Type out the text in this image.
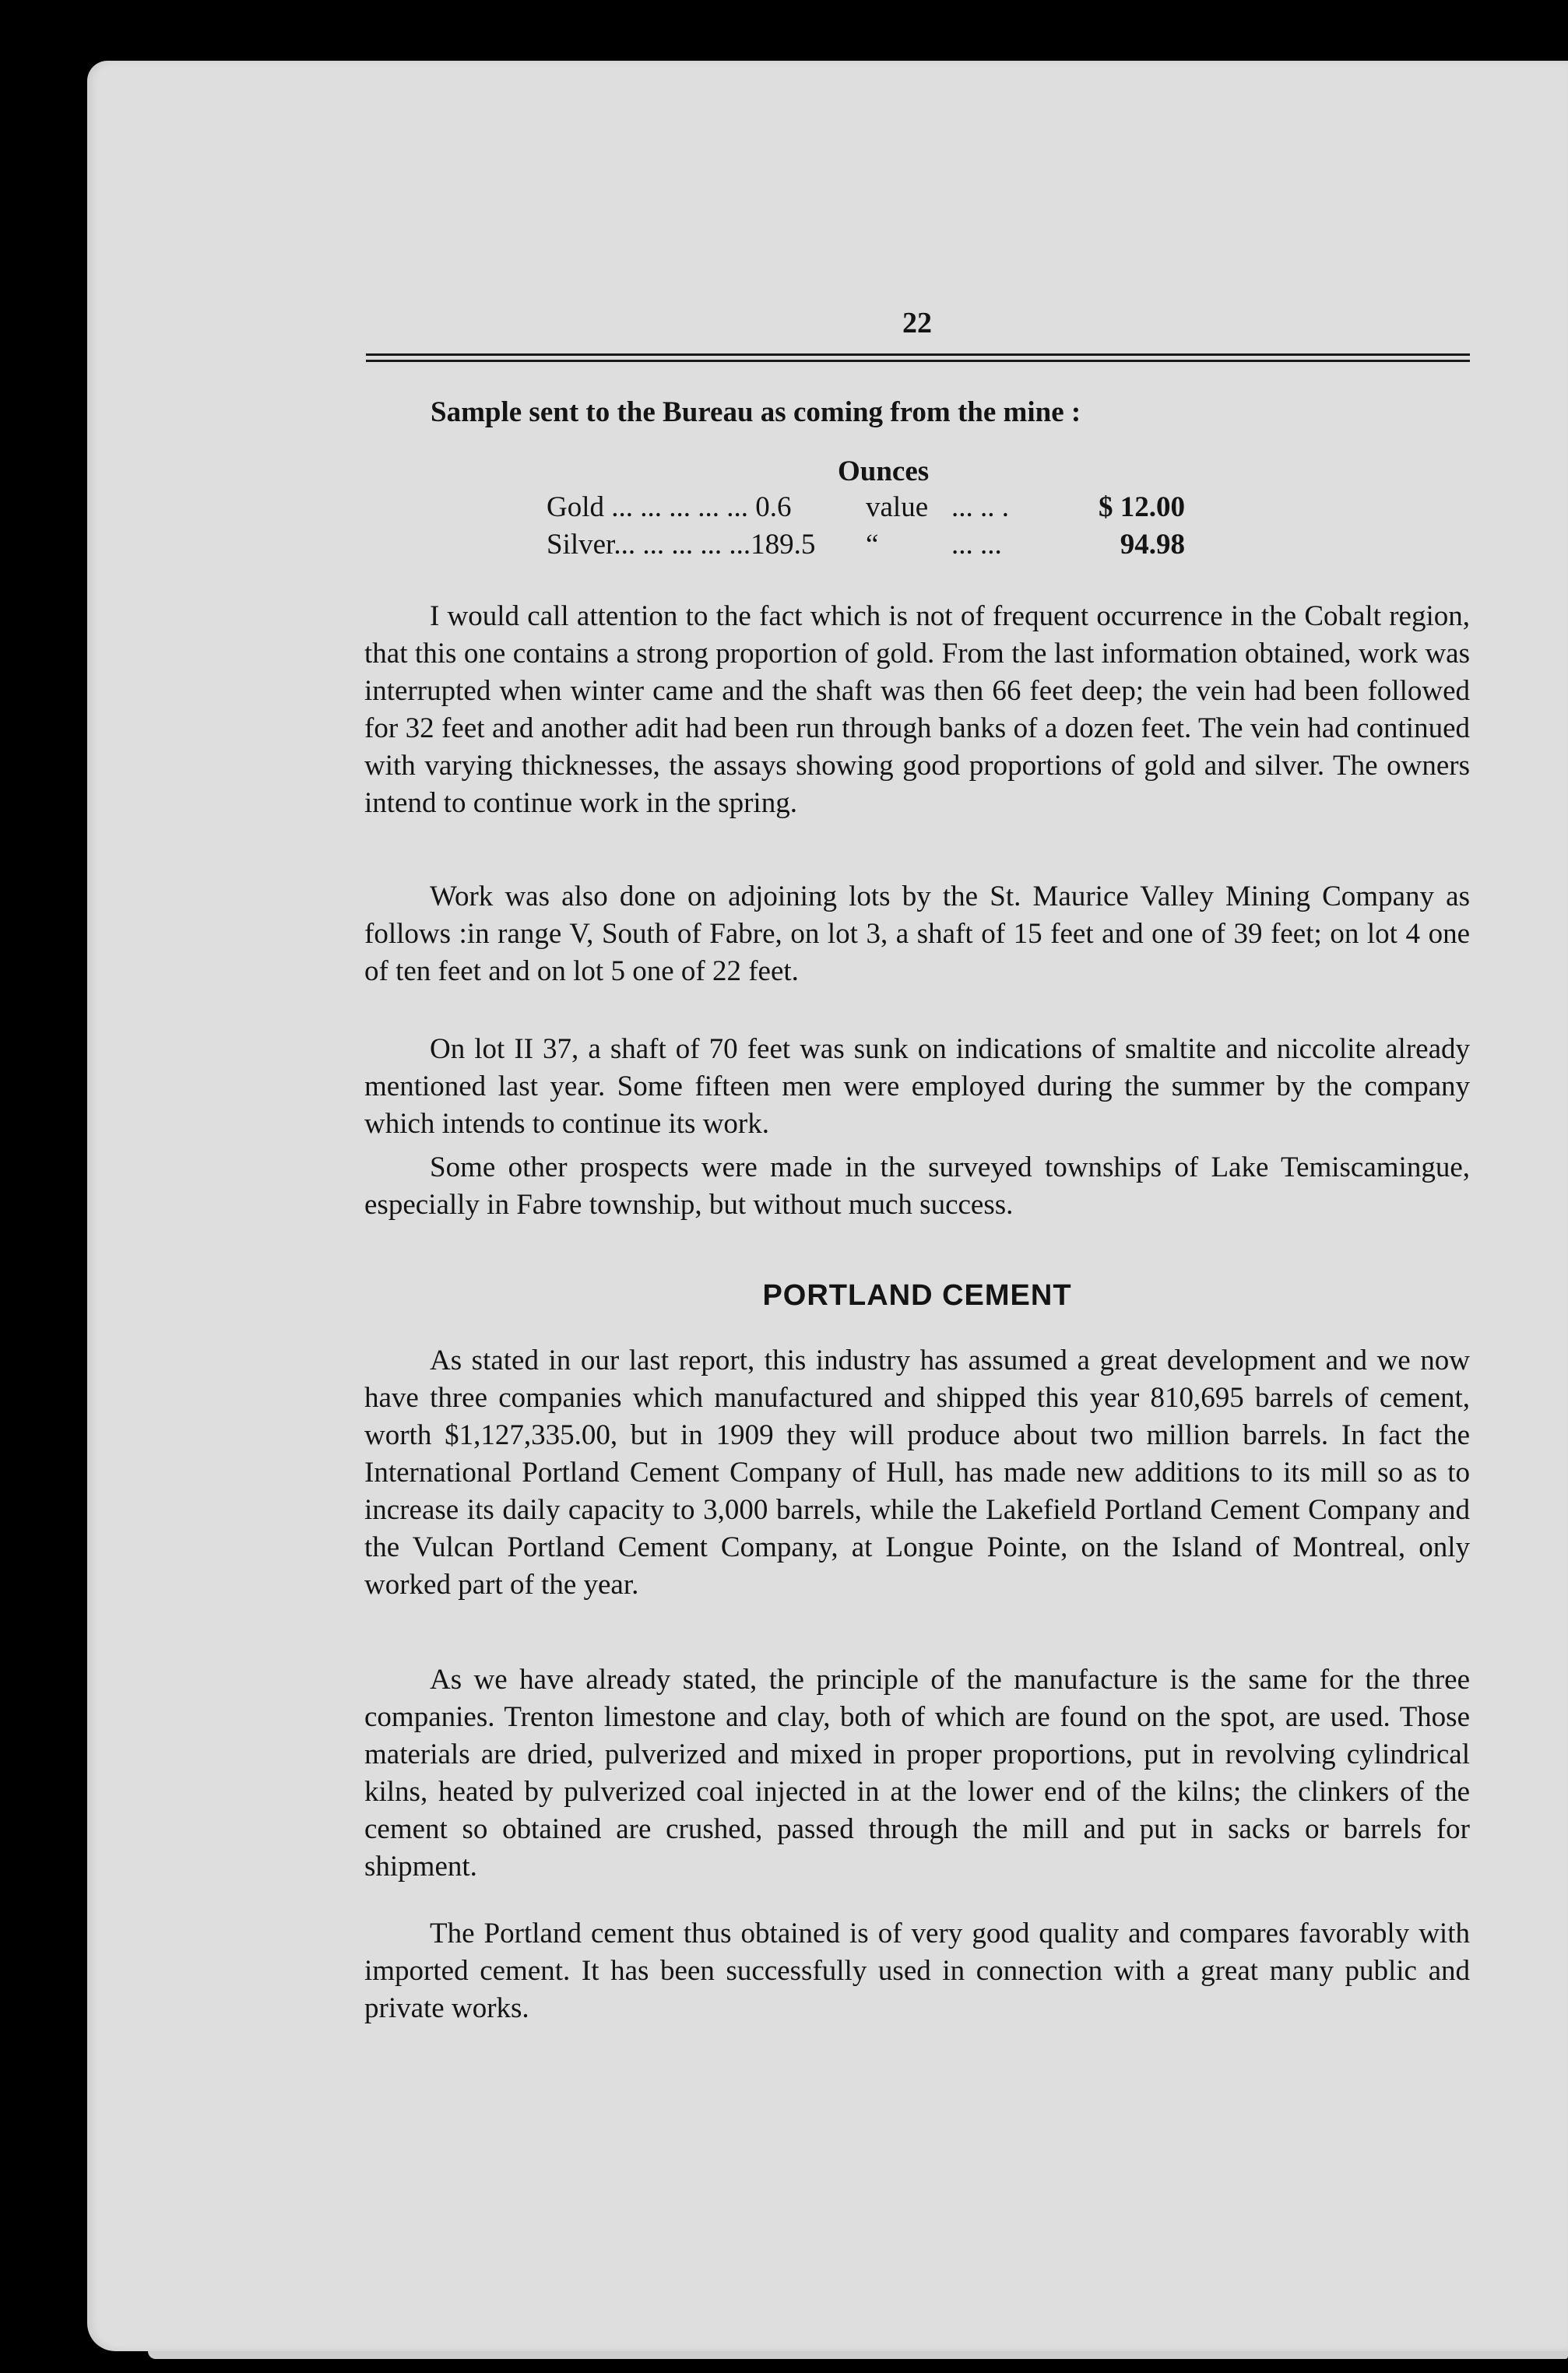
22
Sample sent to the Bureau as coming from the mine :
Ounces
Gold ... ... ... ... ... 0.6	value ... .. .	$ 12.00
Silver... ... ... ... ...189.5	“	... ...	94.98

I would call attention to the fact which is not of frequent occurrence in the Cobalt region, that this one contains a strong proportion of gold. From the last information obtained, work was interrupted when winter came and the shaft was then 66 feet deep; the vein had been followed for 32 feet and another adit had been run through banks of a dozen feet. The vein had continued with varying thicknesses, the assays showing good proportions of gold and silver. The owners intend to continue work in the spring.

Work was also done on adjoining lots by the St. Maurice Valley Mining Company as follows :in range V, South of Fabre, on lot 3, a shaft of 15 feet and one of 39 feet; on lot 4 one of ten feet and on lot 5 one of 22 feet.

On lot II 37, a shaft of 70 feet was sunk on indications of smaltite and niccolite already mentioned last year. Some fifteen men were employed during the summer by the company which intends to continue its work.

Some other prospects were made in the surveyed townships of Lake Temiscamingue, especially in Fabre township, but without much success.

PORTLAND CEMENT

As stated in our last report, this industry has assumed a great development and we now have three companies which manufactured and shipped this year 810,695 barrels of cement, worth $1,127,335.00, but in 1909 they will produce about two million barrels. In fact the International Portland Cement Company of Hull, has made new additions to its mill so as to increase its daily capacity to 3,000 barrels, while the Lakefield Portland Cement Company and the Vulcan Portland Cement Company, at Longue Pointe, on the Island of Montreal, only worked part of the year.

As we have already stated, the principle of the manufacture is the same for the three companies. Trenton limestone and clay, both of which are found on the spot, are used. Those materials are dried, pulverized and mixed in proper proportions, put in revolving cylindrical kilns, heated by pulverized coal injected in at the lower end of the kilns; the clinkers of the cement so obtained are crushed, passed through the mill and put in sacks or barrels for shipment.

The Portland cement thus obtained is of very good quality and compares favorably with imported cement. It has been successfully used in connection with a great many public and private works.
